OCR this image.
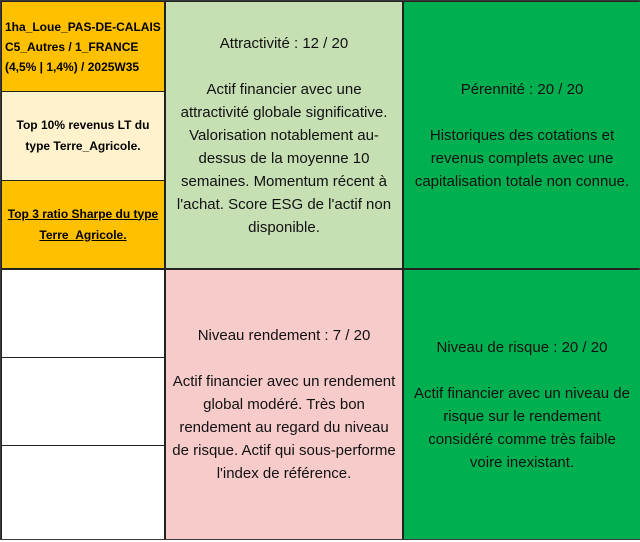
1ha_Loue_PAS-DE-CALAIS
C5_Autres / 1_FRANCE
(4,5% | 1,4%) / 2025W35
Top 10% revenus LT du type Terre_Agricole.
Top 3 ratio Sharpe du type Terre_Agricole.
Attractivité : 12 / 20
Actif financier avec une attractivité globale significative. Valorisation notablement au-dessus de la moyenne 10 semaines. Momentum récent à l'achat. Score ESG de l'actif non disponible.
Pérennité : 20 / 20
Historiques des cotations et revenus complets avec une capitalisation totale non connue.
Niveau rendement : 7 / 20
Actif financier avec un rendement global modéré. Très bon rendement au regard du niveau de risque. Actif qui sous-performe l'index de référence.
Niveau de risque : 20 / 20
Actif financier avec un niveau de risque sur le rendement considéré comme très faible voire inexistant.
